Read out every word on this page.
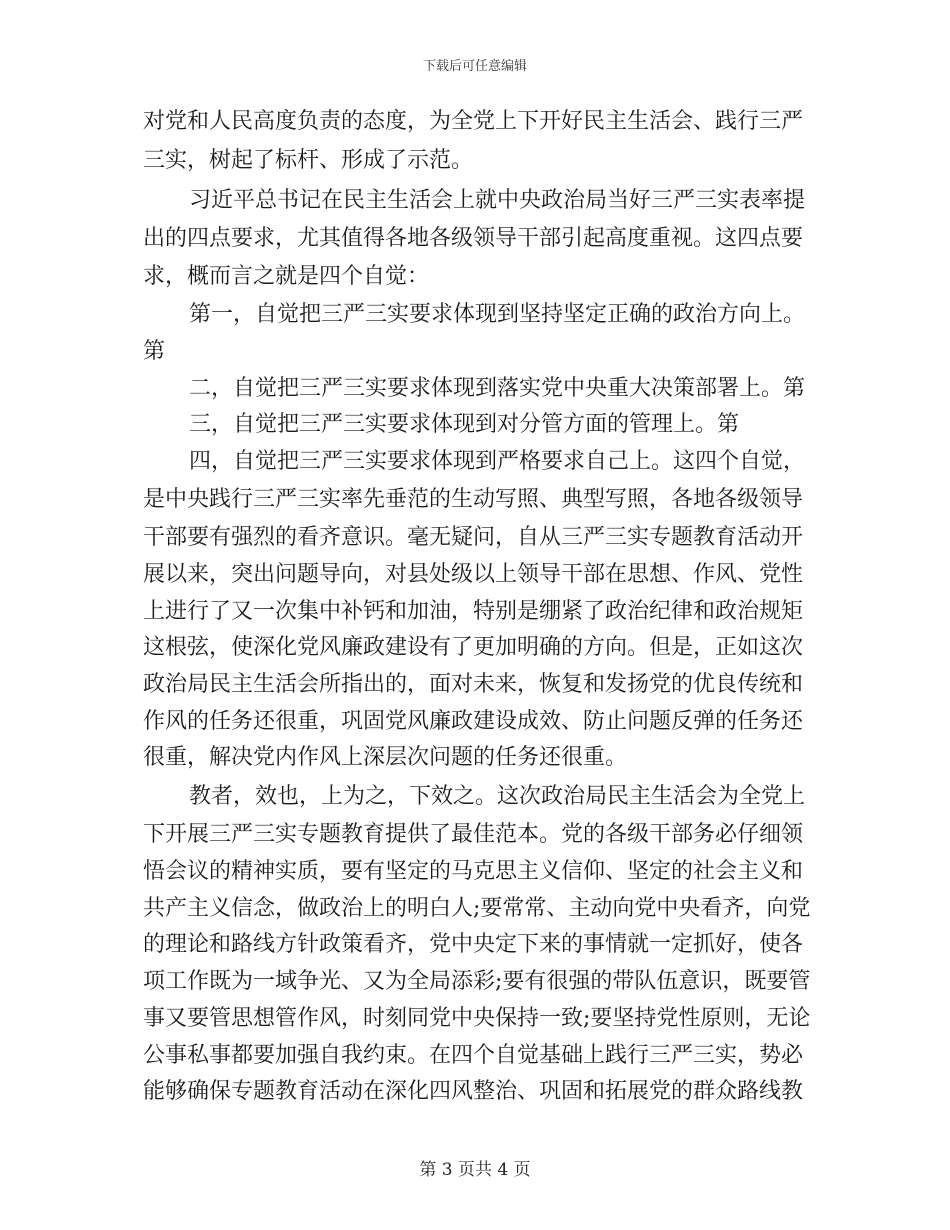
下载后可任意编辑
对党和人民高度负责的态度，为全党上下开好民主生活会、践行三严
三实，树起了标杆、形成了示范。
习近平总书记在民主生活会上就中央政治局当好三严三实表率提
出的四点要求，尤其值得各地各级领导干部引起高度重视。这四点要
求，概而言之就是四个自觉：
第一，自觉把三严三实要求体现到坚持坚定正确的政治方向上。
第
二，自觉把三严三实要求体现到落实党中央重大决策部署上。第
三，自觉把三严三实要求体现到对分管方面的管理上。第
四，自觉把三严三实要求体现到严格要求自己上。这四个自觉，
是中央践行三严三实率先垂范的生动写照、典型写照，各地各级领导
干部要有强烈的看齐意识。毫无疑问，自从三严三实专题教育活动开
展以来，突出问题导向，对县处级以上领导干部在思想、作风、党性
上进行了又一次集中补钙和加油，特别是绷紧了政治纪律和政治规矩
这根弦，使深化党风廉政建设有了更加明确的方向。但是，正如这次
政治局民主生活会所指出的，面对未来，恢复和发扬党的优良传统和
作风的任务还很重，巩固党风廉政建设成效、防止问题反弹的任务还
很重，解决党内作风上深层次问题的任务还很重。
教者，效也，上为之，下效之。这次政治局民主生活会为全党上
下开展三严三实专题教育提供了最佳范本。党的各级干部务必仔细领
悟会议的精神实质，要有坚定的马克思主义信仰、坚定的社会主义和
共产主义信念，做政治上的明白人;要常常、主动向党中央看齐，向党
的理论和路线方针政策看齐，党中央定下来的事情就一定抓好，使各
项工作既为一域争光、又为全局添彩;要有很强的带队伍意识，既要管
事又要管思想管作风，时刻同党中央保持一致;要坚持党性原则，无论
公事私事都要加强自我约束。在四个自觉基础上践行三严三实，势必
能够确保专题教育活动在深化四风整治、巩固和拓展党的群众路线教
第 3 页共 4 页
